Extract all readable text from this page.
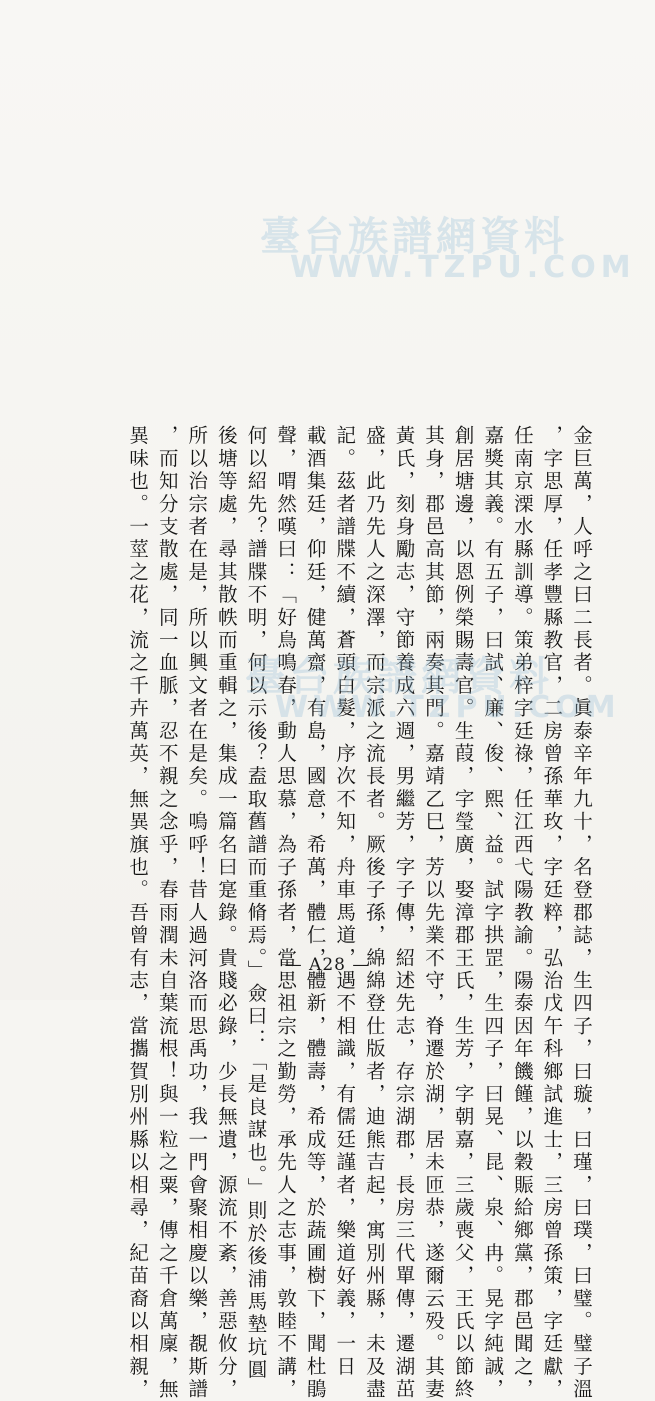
金巨萬，人呼之曰二長者。眞泰辛年九十，名登郡誌，生四子，曰璇，曰瑾，曰璞，曰璧。璧子溫
，字思厚，任孝豐縣教官，二房曾孫華玫，字廷粹，弘治戊午科鄉試進士，三房曾孫策，字廷獻，
任南京溧水縣訓導。策弟梓字廷祿，任江西弋陽教諭。陽泰因年饑饉，以穀賑給鄉黨，郡邑聞之，
嘉獎其義。有五子，曰試、廉、俊、熙、益。試字拱罡，生四子，曰晃、昆、泉、冉。晃字純誠，
創居塘邊，以恩例榮賜壽官。生葭，字瑩廣，娶漳郡王氏，生芳，字朝嘉，三歲喪父，王氏以節終
其身，郡邑高其節，兩奏其門。嘉靖乙巳，芳以先業不守，脊遷於湖，居未匝恭，遂爾云殁。其妻
黃氏，刻身勵志，守節養成六週，男繼芳，字子傳，紹述先志，存宗湖郡，長房三代單傳，遷湖茁
盛，此乃先人之深澤，而宗派之流長者。厥後子孫，綿綿登仕版者，迪熊吉起，寓別州縣，未及盡
記。茲者譜牒不續，蒼頭白髮，序次不知，舟車馬道，遇不相識，有儒廷謹者，樂道好義，一日
載酒集廷，仰廷，健萬齋，有島，國意，希萬，體仁，體新，體壽，希成等，於蔬圃樹下，聞杜鵑
聲，喟然嘆曰：「好鳥鳴春，動人思慕，為子孫者，當思祖宗之勤勞，承先人之志事，敦睦不講，
何以紹先？譜牒不明，何以示後？盍取舊譜而重脩焉。」僉曰：「是良謀也。」則於後浦馬墊坑圓
後塘等處，尋其散帙而重輯之，集成一篇名曰寔錄。貴賤必錄，少長無遺，源流不紊，善惡攸分，
所以治宗者在是，所以興文者在是矣。嗚呼！昔人過河洛而思禹功，我一門會聚相慶以樂，覩斯譜
，而知分支散處，同一血脈，忍不親之念乎，春雨潤未自葉流根！與一粒之粟，傳之千倉萬廩，無
異味也。一莖之花，流之千卉萬英，無異旗也。吾曾有志，當攜賀別州縣以相尋，紀苗裔以相親，
臺台族譜網資料
WWW.TZPU.COM
臺台族譜網資料
WWW.TZPU.COM
— A28 —
